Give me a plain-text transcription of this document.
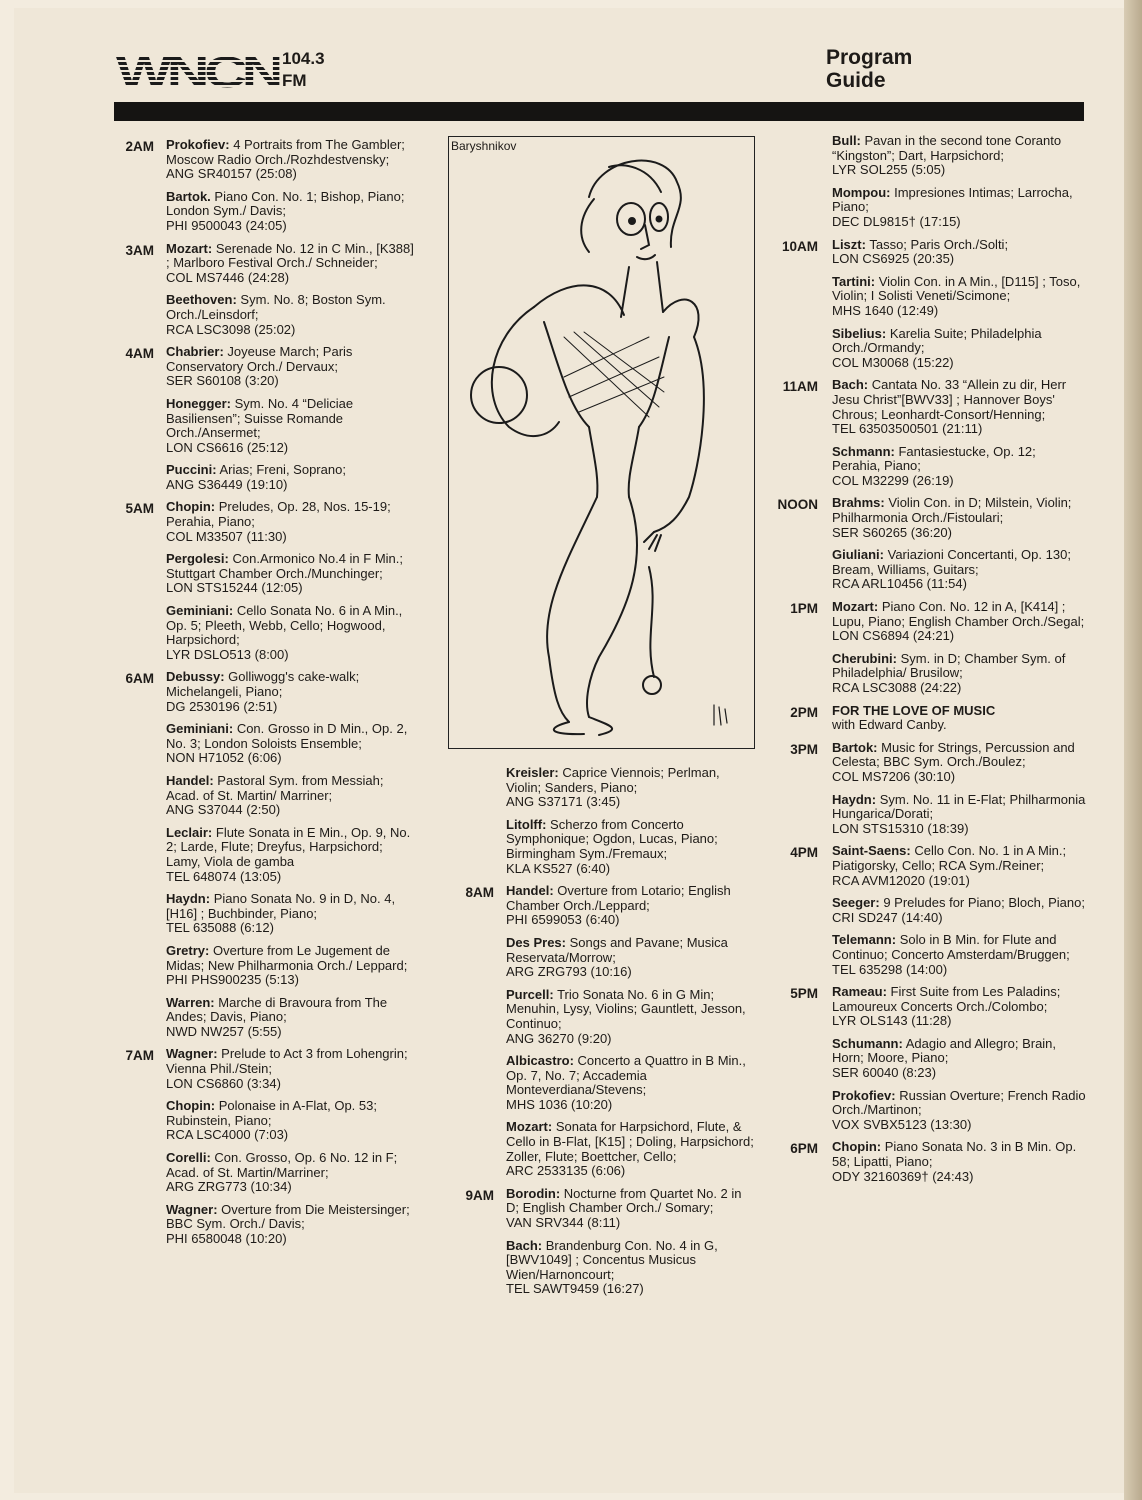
WNCN 104.3
FM
Program
Guide
Baryshnikov
2AM Prokofiev: 4 Portraits from The Gambler; Moscow Radio Orch./Rozhdestvensky;
ANG SR40157 (25:08)
Bartok. Piano Con. No. 1; Bishop, Piano; London Sym./ Davis;
PHI 9500043 (24:05)
3AM Mozart: Serenade No. 12 in C Min., [K388] ; Marlboro Festival Orch./ Schneider;
COL MS7446 (24:28)
Beethoven: Sym. No. 8; Boston Sym. Orch./Leinsdorf;
RCA LSC3098 (25:02)
4AM Chabrier: Joyeuse March; Paris Conservatory Orch./ Dervaux;
SER S60108 (3:20)
Honegger: Sym. No. 4 “Deliciae Basiliensen”; Suisse Romande Orch./Ansermet;
LON CS6616 (25:12)
Puccini: Arias; Freni, Soprano;
ANG S36449 (19:10)
5AM Chopin: Preludes, Op. 28, Nos. 15-19; Perahia, Piano;
COL M33507 (11:30)
Pergolesi: Con.Armonico No.4 in F Min.; Stuttgart Chamber Orch./Munchinger;
LON STS15244 (12:05)
Geminiani: Cello Sonata No. 6 in A Min., Op. 5; Pleeth, Webb, Cello; Hogwood, Harpsichord;
LYR DSLO513 (8:00)
6AM Debussy: Golliwogg's cake-walk; Michelangeli, Piano;
DG 2530196 (2:51)
Geminiani: Con. Grosso in D Min., Op. 2, No. 3; London Soloists Ensemble;
NON H71052 (6:06)
Handel: Pastoral Sym. from Messiah; Acad. of St. Martin/ Marriner;
ANG S37044 (2:50)
Leclair: Flute Sonata in E Min., Op. 9, No. 2; Larde, Flute; Dreyfus, Harpsichord; Lamy, Viola de gamba
TEL 648074 (13:05)
Haydn: Piano Sonata No. 9 in D, No. 4, [H16] ; Buchbinder, Piano;
TEL 635088 (6:12)
Gretry: Overture from Le Jugement de Midas; New Philharmonia Orch./ Leppard;
PHI PHS900235 (5:13)
Warren: Marche di Bravoura from The Andes; Davis, Piano;
NWD NW257 (5:55)
7AM Wagner: Prelude to Act 3 from Lohengrin; Vienna Phil./Stein;
LON CS6860 (3:34)
Chopin: Polonaise in A-Flat, Op. 53; Rubinstein, Piano;
RCA LSC4000 (7:03)
Corelli: Con. Grosso, Op. 6 No. 12 in F; Acad. of St. Martin/Marriner;
ARG ZRG773 (10:34)
Wagner: Overture from Die Meistersinger; BBC Sym. Orch./ Davis;
PHI 6580048 (10:20)
Kreisler: Caprice Viennois; Perlman, Violin; Sanders, Piano;
ANG S37171 (3:45)
Litolff: Scherzo from Concerto Symphonique; Ogdon, Lucas, Piano; Birmingham Sym./Fremaux;
KLA KS527 (6:40)
8AM Handel: Overture from Lotario; English Chamber Orch./Leppard;
PHI 6599053 (6:40)
Des Pres: Songs and Pavane; Musica Reservata/Morrow;
ARG ZRG793 (10:16)
Purcell: Trio Sonata No. 6 in G Min; Menuhin, Lysy, Violins; Gauntlett, Jesson, Continuo;
ANG 36270 (9:20)
Albicastro: Concerto a Quattro in B Min., Op. 7, No. 7; Accademia Monteverdiana/Stevens;
MHS 1036 (10:20)
Mozart: Sonata for Harpsichord, Flute, & Cello in B-Flat, [K15] ; Doling, Harpsichord; Zoller, Flute; Boettcher, Cello;
ARC 2533135 (6:06)
9AM Borodin: Nocturne from Quartet No. 2 in D; English Chamber Orch./ Somary;
VAN SRV344 (8:11)
Bach: Brandenburg Con. No. 4 in G, [BWV1049] ; Concentus Musicus Wien/Harnoncourt;
TEL SAWT9459 (16:27)
Bull: Pavan in the second tone Coranto “Kingston”; Dart, Harpsichord;
LYR SOL255 (5:05)
Mompou: Impresiones Intimas; Larrocha, Piano;
DEC DL9815† (17:15)
10AM Liszt: Tasso; Paris Orch./Solti;
LON CS6925 (20:35)
Tartini: Violin Con. in A Min., [D115] ; Toso, Violin; I Solisti Veneti/Scimone;
MHS 1640 (12:49)
Sibelius: Karelia Suite; Philadelphia Orch./Ormandy;
COL M30068 (15:22)
11AM Bach: Cantata No. 33 “Allein zu dir, Herr Jesu Christ”[BWV33] ; Hannover Boys' Chrous; Leonhardt-Consort/Henning;
TEL 63503500501 (21:11)
Schmann: Fantasiestucke, Op. 12; Perahia, Piano;
COL M32299 (26:19)
NOON Brahms: Violin Con. in D; Milstein, Violin; Philharmonia Orch./Fistoulari;
SER S60265 (36:20)
Giuliani: Variazioni Concertanti, Op. 130; Bream, Williams, Guitars;
RCA ARL10456 (11:54)
1PM Mozart: Piano Con. No. 12 in A, [K414] ; Lupu, Piano; English Chamber Orch./Segal;
LON CS6894 (24:21)
Cherubini: Sym. in D; Chamber Sym. of Philadelphia/ Brusilow;
RCA LSC3088 (24:22)
2PM FOR THE LOVE OF MUSIC
with Edward Canby.
3PM Bartok: Music for Strings, Percussion and Celesta; BBC Sym. Orch./Boulez;
COL MS7206 (30:10)
Haydn: Sym. No. 11 in E-Flat; Philharmonia Hungarica/Dorati;
LON STS15310 (18:39)
4PM Saint-Saens: Cello Con. No. 1 in A Min.; Piatigorsky, Cello; RCA Sym./Reiner;
RCA AVM12020 (19:01)
Seeger: 9 Preludes for Piano; Bloch, Piano;
CRI SD247 (14:40)
Telemann: Solo in B Min. for Flute and Continuo; Concerto Amsterdam/Bruggen;
TEL 635298 (14:00)
5PM Rameau: First Suite from Les Paladins; Lamoureux Concerts Orch./Colombo;
LYR OLS143 (11:28)
Schumann: Adagio and Allegro; Brain, Horn; Moore, Piano;
SER 60040 (8:23)
Prokofiev: Russian Overture; French Radio Orch./Martinon;
VOX SVBX5123 (13:30)
6PM Chopin: Piano Sonata No. 3 in B Min. Op. 58; Lipatti, Piano;
ODY 32160369† (24:43)
